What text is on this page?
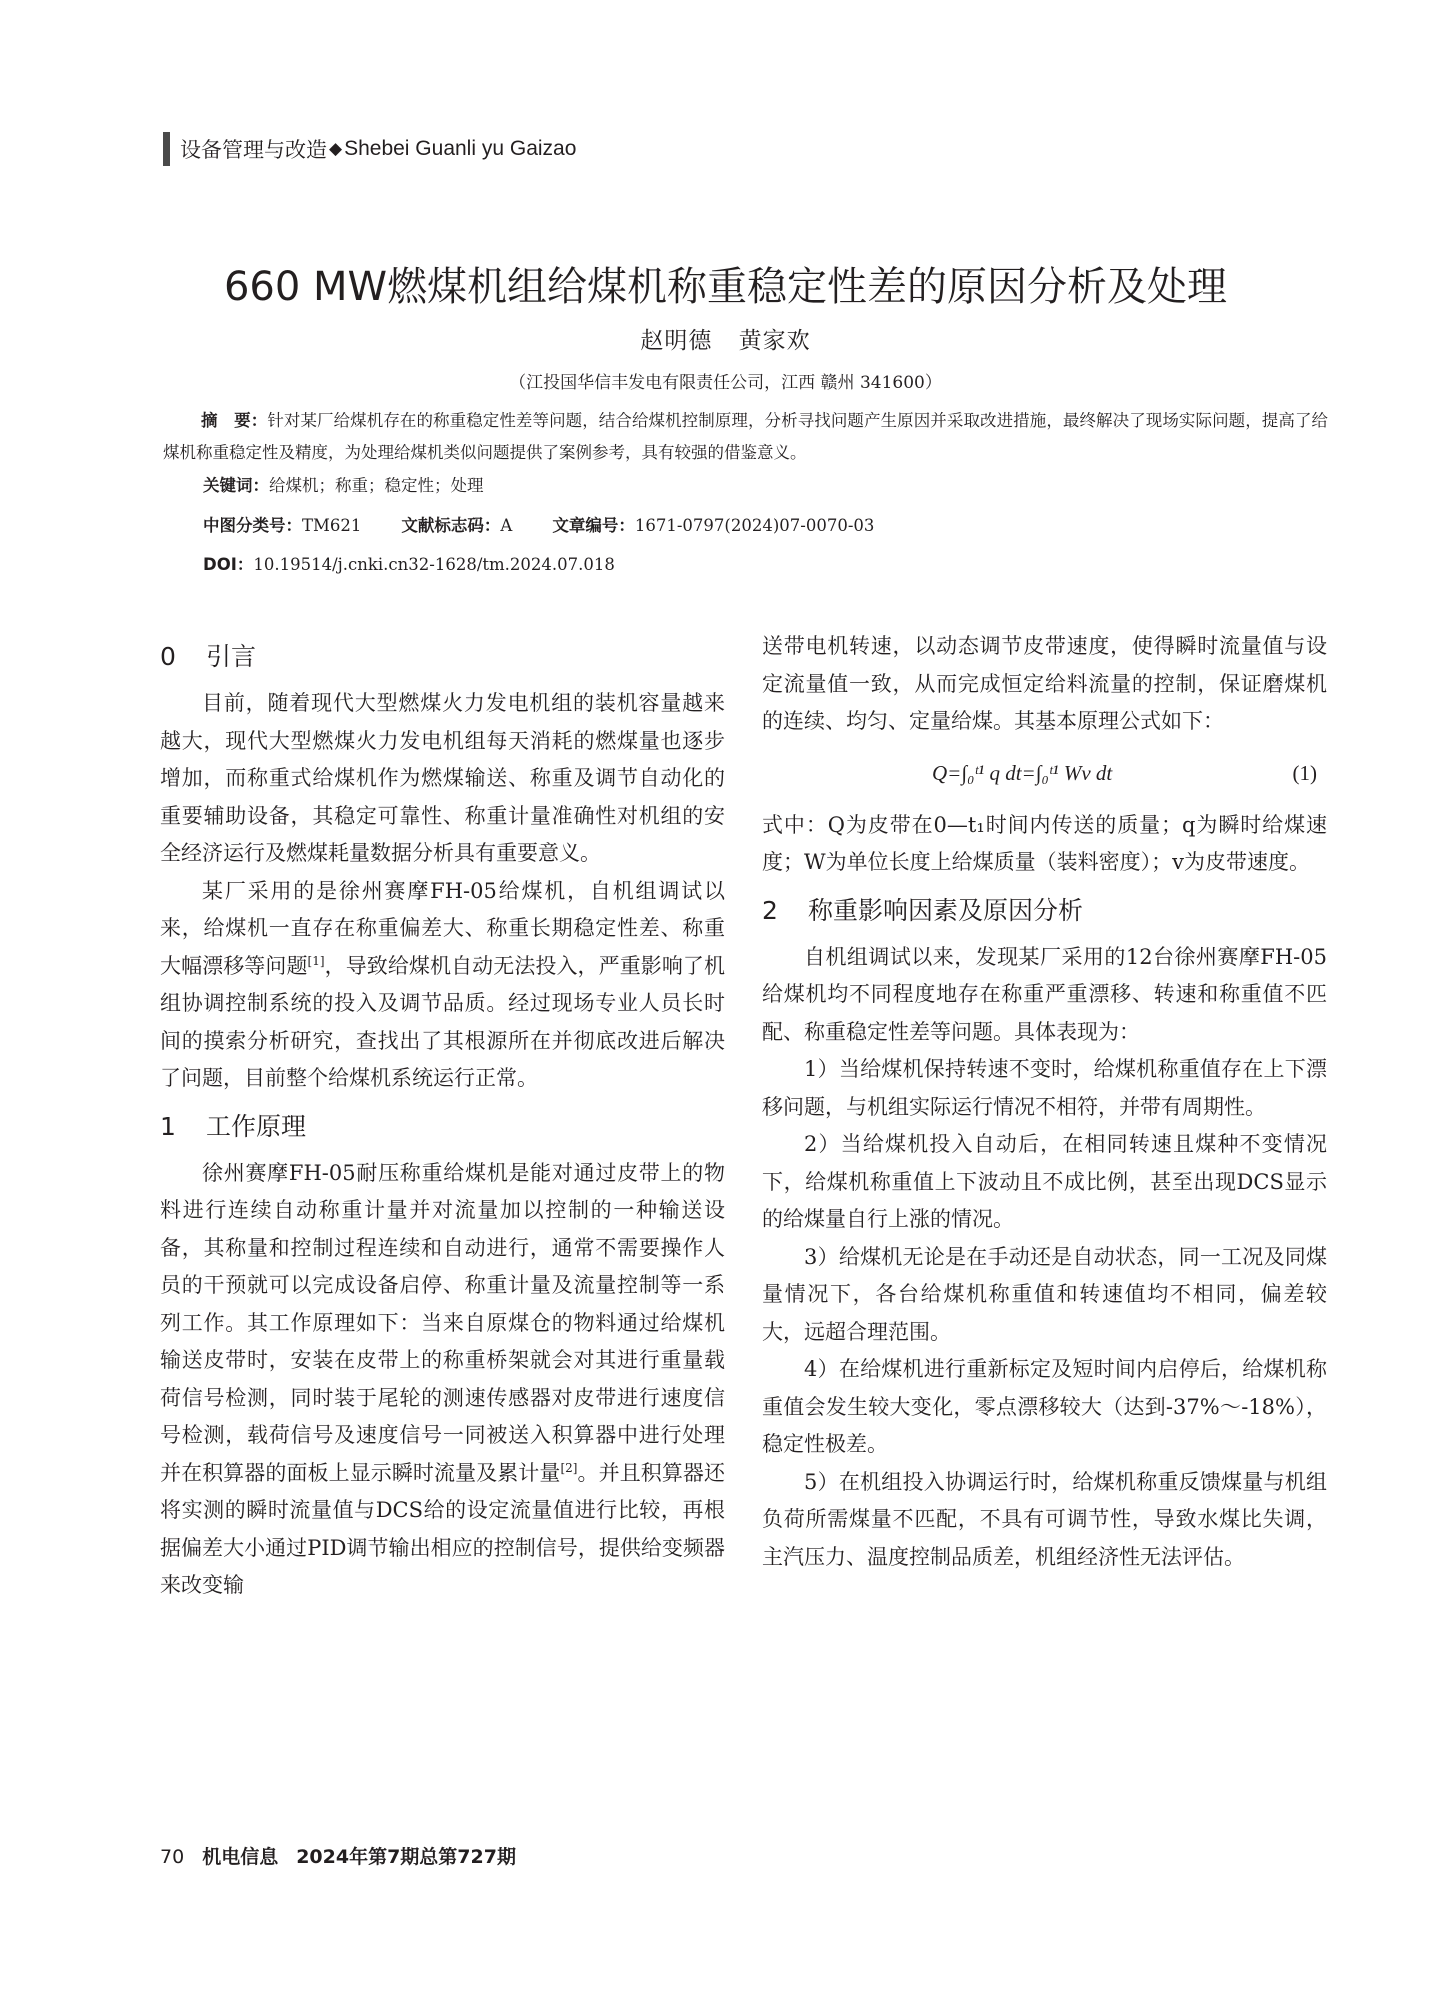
设备管理与改造 ◆ Shebei Guanli yu Gaizao
660 MW燃煤机组给煤机称重稳定性差的原因分析及处理
赵明德 黄家欢
（江投国华信丰发电有限责任公司，江西 赣州 341600）
摘　要：针对某厂给煤机存在的称重稳定性差等问题，结合给煤机控制原理，分析寻找问题产生原因并采取改进措施，最终解决了现场实际问题，提高了给煤机称重稳定性及精度，为处理给煤机类似问题提供了案例参考，具有较强的借鉴意义。
关键词：给煤机；称重；稳定性；处理
中图分类号：TM621 文献标志码：A 文章编号：1671-0797(2024)07-0070-03
DOI：10.19514/j.cnki.cn32-1628/tm.2024.07.018
0 引言

目前，随着现代大型燃煤火力发电机组的装机容量越来越大，现代大型燃煤火力发电机组每天消耗的燃煤量也逐步增加，而称重式给煤机作为燃煤输送、称重及调节自动化的重要辅助设备，其稳定可靠性、称重计量准确性对机组的安全经济运行及燃煤耗量数据分析具有重要意义。

某厂采用的是徐州赛摩FH-05给煤机，自机组调试以来，给煤机一直存在称重偏差大、称重长期稳定性差、称重大幅漂移等问题[1]，导致给煤机自动无法投入，严重影响了机组协调控制系统的投入及调节品质。经过现场专业人员长时间的摸索分析研究，查找出了其根源所在并彻底改进后解决了问题，目前整个给煤机系统运行正常。

1 工作原理

徐州赛摩FH-05耐压称重给煤机是能对通过皮带上的物料进行连续自动称重计量并对流量加以控制的一种输送设备，其称量和控制过程连续和自动进行，通常不需要操作人员的干预就可以完成设备启停、称重计量及流量控制等一系列工作。其工作原理如下：当来自原煤仓的物料通过给煤机输送皮带时，安装在皮带上的称重桥架就会对其进行重量载荷信号检测，同时装于尾轮的测速传感器对皮带进行速度信号检测，载荷信号及速度信号一同被送入积算器中进行处理并在积算器的面板上显示瞬时流量及累计量[2]。并且积算器还将实测的瞬时流量值与DCS给的设定流量值进行比较，再根据偏差大小通过PID调节输出相应的控制信号，提供给变频器来改变输

送带电机转速，以动态调节皮带速度，使得瞬时流量值与设定流量值一致，从而完成恒定给料流量的控制，保证磨煤机的连续、均匀、定量给煤。其基本原理公式如下：

Q=∫₀ᵗ¹ q dt=∫₀ᵗ¹ Wv dt	(1)

式中：Q为皮带在0—t₁时间内传送的质量；q为瞬时给煤速度；W为单位长度上给煤质量（装料密度）；v为皮带速度。

2 称重影响因素及原因分析

自机组调试以来，发现某厂采用的12台徐州赛摩FH-05给煤机均不同程度地存在称重严重漂移、转速和称重值不匹配、称重稳定性差等问题。具体表现为：

1）当给煤机保持转速不变时，给煤机称重值存在上下漂移问题，与机组实际运行情况不相符，并带有周期性。

2）当给煤机投入自动后，在相同转速且煤种不变情况下，给煤机称重值上下波动且不成比例，甚至出现DCS显示的给煤量自行上涨的情况。

3）给煤机无论是在手动还是自动状态，同一工况及同煤量情况下，各台给煤机称重值和转速值均不相同，偏差较大，远超合理范围。

4）在给煤机进行重新标定及短时间内启停后，给煤机称重值会发生较大变化，零点漂移较大（达到-37%～-18%），稳定性极差。

5）在机组投入协调运行时，给煤机称重反馈煤量与机组负荷所需煤量不匹配，不具有可调节性，导致水煤比失调，主汽压力、温度控制品质差，机组经济性无法评估。

70 机电信息 2024年第7期总第727期
